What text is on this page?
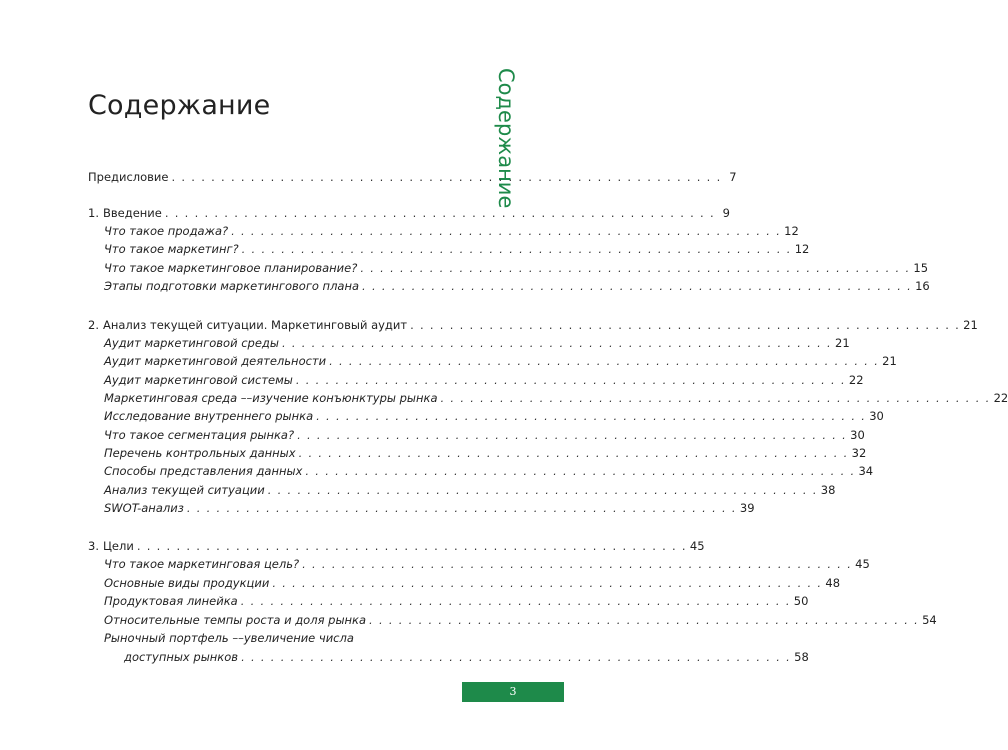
Содержание	Содержание
Предисловие . . . . . . . . . . . . . . . . . . . . . . . . . . . . . . . . . . . . . . . . . . . . . . . . . . . . . . . . 7
1. Введение . . . . . . . . . . . . . . . . . . . . . . . . . . . . . . . . . . . . . . . . . . . . . . . . . . . . . . . . 9
Что такое продажа? . . . . . . . . . . . . . . . . . . . . . . . . . . . . . . . . . . . . . . . . . . . . . . . . . . . . . . . . 12
Что такое маркетинг? . . . . . . . . . . . . . . . . . . . . . . . . . . . . . . . . . . . . . . . . . . . . . . . . . . . . . . . . 12
Что такое маркетинговое планирование? . . . . . . . . . . . . . . . . . . . . . . . . . . . . . . . . . . . . . . . . . . . . . . . . . . . . . . . . 15
Этапы подготовки маркетингового плана . . . . . . . . . . . . . . . . . . . . . . . . . . . . . . . . . . . . . . . . . . . . . . . . . . . . . . . . 16
2. Анализ текущей ситуации. Маркетинговый аудит . . . . . . . . . . . . . . . . . . . . . . . . . . . . . . . . . . . . . . . . . . . . . . . . . . . . . . . . 21
Аудит маркетинговой среды . . . . . . . . . . . . . . . . . . . . . . . . . . . . . . . . . . . . . . . . . . . . . . . . . . . . . . . . 21
Аудит маркетинговой деятельности . . . . . . . . . . . . . . . . . . . . . . . . . . . . . . . . . . . . . . . . . . . . . . . . . . . . . . . . 21
Аудит маркетинговой системы . . . . . . . . . . . . . . . . . . . . . . . . . . . . . . . . . . . . . . . . . . . . . . . . . . . . . . . . 22
Маркетинговая среда ––изучение конъюнктуры рынка . . . . . . . . . . . . . . . . . . . . . . . . . . . . . . . . . . . . . . . . . . . . . . . . . . . . . . . . 22
Исследование внутреннего рынка . . . . . . . . . . . . . . . . . . . . . . . . . . . . . . . . . . . . . . . . . . . . . . . . . . . . . . . . 30
Что такое сегментация рынка? . . . . . . . . . . . . . . . . . . . . . . . . . . . . . . . . . . . . . . . . . . . . . . . . . . . . . . . . 30
Перечень контрольных данных . . . . . . . . . . . . . . . . . . . . . . . . . . . . . . . . . . . . . . . . . . . . . . . . . . . . . . . . 32
Способы представления данных . . . . . . . . . . . . . . . . . . . . . . . . . . . . . . . . . . . . . . . . . . . . . . . . . . . . . . . . 34
Анализ текущей ситуации . . . . . . . . . . . . . . . . . . . . . . . . . . . . . . . . . . . . . . . . . . . . . . . . . . . . . . . . 38
SWOT-анализ . . . . . . . . . . . . . . . . . . . . . . . . . . . . . . . . . . . . . . . . . . . . . . . . . . . . . . . . 39
3. Цели . . . . . . . . . . . . . . . . . . . . . . . . . . . . . . . . . . . . . . . . . . . . . . . . . . . . . . . . 45
Что такое маркетинговая цель? . . . . . . . . . . . . . . . . . . . . . . . . . . . . . . . . . . . . . . . . . . . . . . . . . . . . . . . . 45
Основные виды продукции . . . . . . . . . . . . . . . . . . . . . . . . . . . . . . . . . . . . . . . . . . . . . . . . . . . . . . . . 48
Продуктовая линейка . . . . . . . . . . . . . . . . . . . . . . . . . . . . . . . . . . . . . . . . . . . . . . . . . . . . . . . . 50
Относительные темпы роста и доля рынка . . . . . . . . . . . . . . . . . . . . . . . . . . . . . . . . . . . . . . . . . . . . . . . . . . . . . . . . 54
Рыночный портфель ––увеличение числа
доступных рынков . . . . . . . . . . . . . . . . . . . . . . . . . . . . . . . . . . . . . . . . . . . . . . . . . . . . . . . . 58
3
